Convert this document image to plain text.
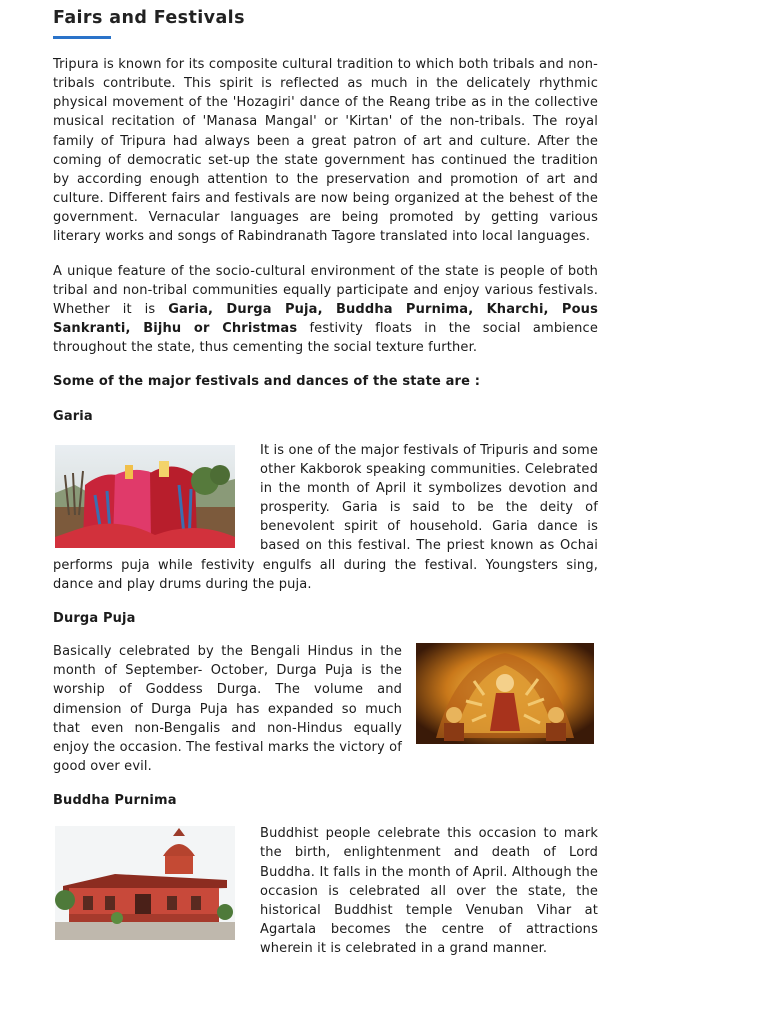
Fairs and Festivals

Tripura is known for its composite cultural tradition to which both tribals and non-tribals contribute. This spirit is reflected as much in the delicately rhythmic physical movement of the 'Hozagiri' dance of the Reang tribe as in the collective musical recitation of 'Manasa Mangal' or 'Kirtan' of the non-tribals. The royal family of Tripura had always been a great patron of art and culture. After the coming of democratic set-up the state government has continued the tradition by according enough attention to the preservation and promotion of art and culture. Different fairs and festivals are now being organized at the behest of the government. Vernacular languages are being promoted by getting various literary works and songs of Rabindranath Tagore translated into local languages.

A unique feature of the socio-cultural environment of the state is people of both tribal and non-tribal communities equally participate and enjoy various festivals. Whether it is Garia, Durga Puja, Buddha Purnima, Kharchi, Pous Sankranti, Bijhu or Christmas festivity floats in the social ambience throughout the state, thus cementing the social texture further.

Some of the major festivals and dances of the state are :

Garia

It is one of the major festivals of Tripuris and some other Kakborok speaking communities. Celebrated in the month of April it symbolizes devotion and prosperity. Garia is said to be the deity of benevolent spirit of household. Garia dance is based on this festival. The priest known as Ochai performs puja while festivity engulfs all during the festival. Youngsters sing, dance and play drums during the puja.

Durga Puja

Basically celebrated by the Bengali Hindus in the month of September- October, Durga Puja is the worship of Goddess Durga. The volume and dimension of Durga Puja has expanded so much that even non-Bengalis and non-Hindus equally enjoy the occasion. The festival marks the victory of good over evil.

Buddha Purnima

Buddhist people celebrate this occasion to mark the birth, enlightenment and death of Lord Buddha. It falls in the month of April. Although the occasion is celebrated all over the state, the historical Buddhist temple Venuban Vihar at Agartala becomes the centre of attractions wherein it is celebrated in a grand manner.
